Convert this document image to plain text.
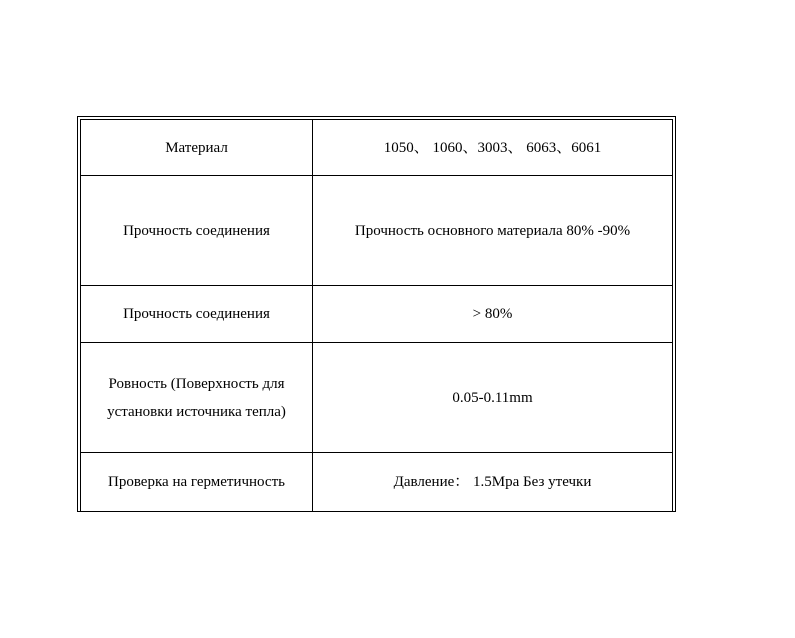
Материал	1050、 1060、3003、 6063、6061
Прочность соединения	Прочность основного материала 80% -90%
Прочность соединения	> 80%
Ровность (Поверхность для установки источника тепла)	0.05-0.11mm
Проверка на герметичность	Давление： 1.5Mpa Без утечки
